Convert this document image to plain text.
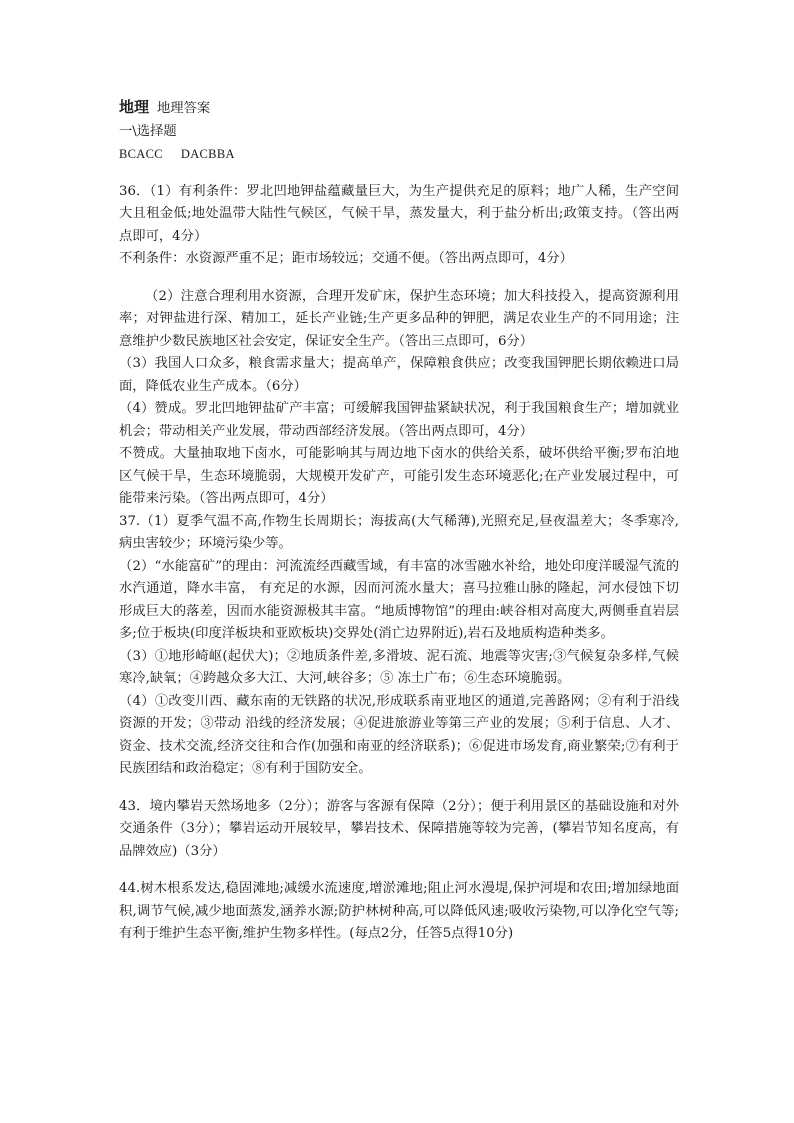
地理 地理答案

一\选择题

BCACC DACBBA

36．（1）有利条件：罗北凹地钾盐蕴藏量巨大，为生产提供充足的原料；地广人稀，生产空间大且租金低;地处温带大陆性气候区，气候干旱，蒸发量大，利于盐分析出;政策支持。（答出两点即可，4分）

不利条件：水资源严重不足；距市场较远；交通不便。（答出两点即可，4分）

（2）注意合理利用水资源，合理开发矿床，保护生态环境；加大科技投入，提高资源利用率；对钾盐进行深、精加工，延长产业链;生产更多品种的钾肥，满足农业生产的不同用途；注意维护少数民族地区社会安定，保证安全生产。（答出三点即可，6分）

（3）我国人口众多，粮食需求量大；提高单产，保障粮食供应；改变我国钾肥长期依赖进口局面，降低农业生产成本。（6分）

（4）赞成。罗北凹地钾盐矿产丰富；可缓解我国钾盐紧缺状况，利于我国粮食生产；增加就业机会；带动相关产业发展，带动西部经济发展。（答出两点即可，4分）

不赞成。大量抽取地下卤水，可能影响其与周边地下卤水的供给关系，破坏供给平衡;罗布泊地区气候干旱，生态环境脆弱，大规模开发矿产，可能引发生态环境恶化;在产业发展过程中，可能带来污染。（答出两点即可，4分）

37.（1）夏季气温不高,作物生长周期长；海拔高(大气稀薄),光照充足,昼夜温差大；冬季寒冷,病虫害较少；环境污染少等。

（2）“水能富矿”的理由：河流流经西藏雪域，有丰富的冰雪融水补给，地处印度洋暖湿气流的水汽通道，降水丰富， 有充足的水源，因而河流水量大；喜马拉雅山脉的隆起，河水侵蚀下切形成巨大的落差，因而水能资源极其丰富。“地质博物馆”的理由:峡谷相对高度大,两侧垂直岩层多;位于板块(印度洋板块和亚欧板块)交界处(消亡边界附近),岩石及地质构造种类多。

（3）①地形崎岖(起伏大)；②地质条件差,多滑坡、泥石流、地震等灾害;③气候复杂多样,气候寒冷,缺氧；④跨越众多大江、大河,峡谷多；⑤ 冻土广布；⑥生态环境脆弱。

（4）①改变川西、藏东南的无铁路的状况,形成联系南亚地区的通道,完善路网；②有利于沿线资源的开发；③带动 沿线的经济发展；④促进旅游业等第三产业的发展；⑤利于信息、人才、资金、技术交流,经济交往和合作(加强和南亚的经济联系)；⑥促进市场发育,商业繁荣;⑦有利于民族团结和政治稳定；⑧有利于国防安全。

43．境内攀岩天然场地多（2分）；游客与客源有保障（2分）；便于利用景区的基础设施和对外交通条件（3分）；攀岩运动开展较早，攀岩技术、保障措施等较为完善，(攀岩节知名度高，有品牌效应)（3分）

44.树木根系发达,稳固滩地;减缓水流速度,增淤滩地;阻止河水漫堤,保护河堤和农田;增加绿地面积,调节气候,减少地面蒸发,涵养水源;防护林树种高,可以降低风速;吸收污染物,可以净化空气等;有利于维护生态平衡,维护生物多样性。(每点2分，任答5点得10分)
